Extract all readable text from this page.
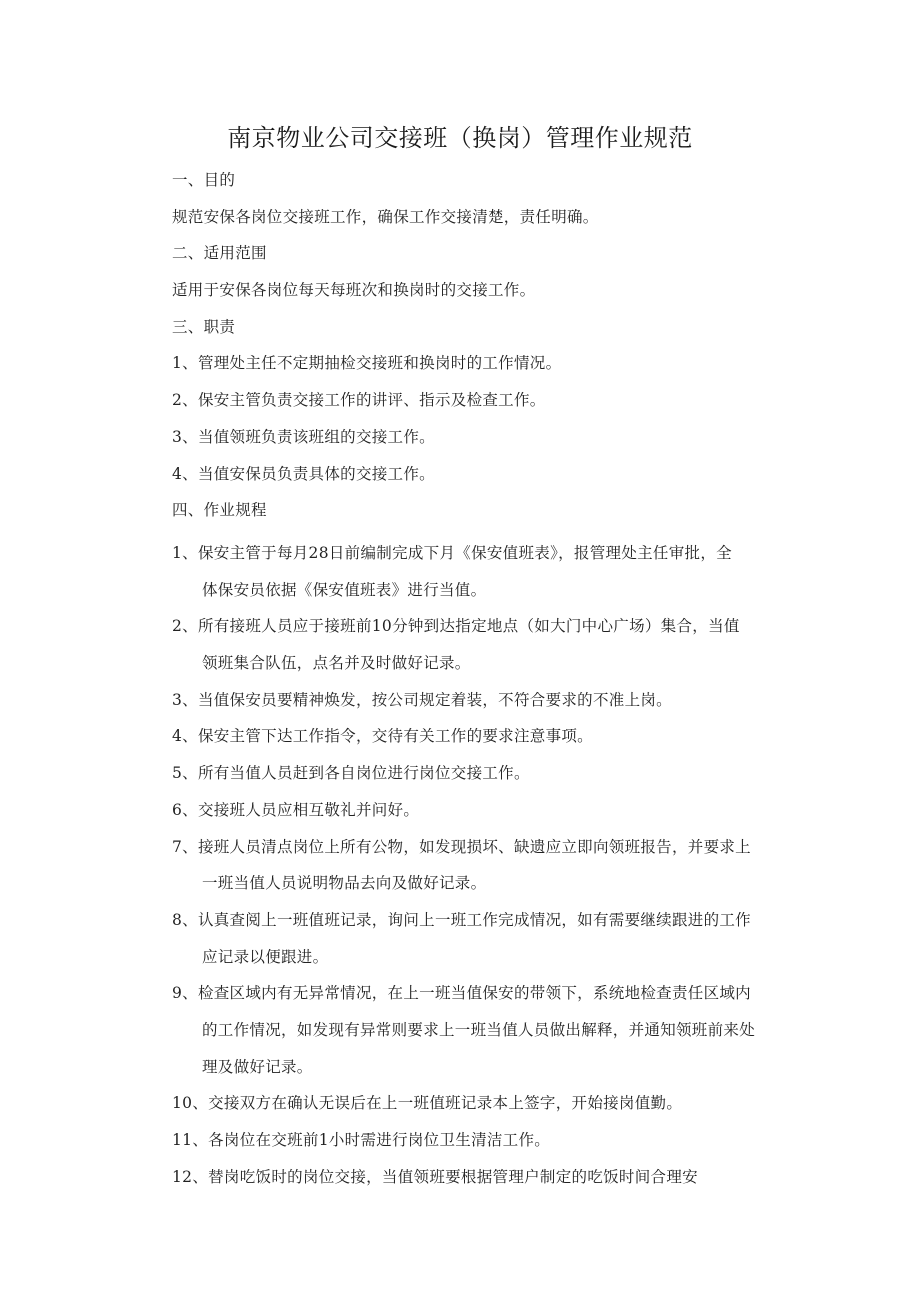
南京物业公司交接班（换岗）管理作业规范
一、目的
规范安保各岗位交接班工作，确保工作交接清楚，责任明确。
二、适用范围
适用于安保各岗位每天每班次和换岗时的交接工作。
三、职责
1、管理处主任不定期抽检交接班和换岗时的工作情况。
2、保安主管负责交接工作的讲评、指示及检查工作。
3、当值领班负责该班组的交接工作。
4、当值安保员负责具体的交接工作。
四、作业规程
1、保安主管于每月28日前编制完成下月《保安值班表》，报管理处主任审批，全
体保安员依据《保安值班表》进行当值。
2、所有接班人员应于接班前10分钟到达指定地点（如大门中心广场）集合，当值
领班集合队伍，点名并及时做好记录。
3、当值保安员要精神焕发，按公司规定着装，不符合要求的不准上岗。
4、保安主管下达工作指令，交待有关工作的要求注意事项。
5、所有当值人员赶到各自岗位进行岗位交接工作。
6、交接班人员应相互敬礼并问好。
7、接班人员清点岗位上所有公物，如发现损坏、缺遗应立即向领班报告，并要求上
一班当值人员说明物品去向及做好记录。
8、认真查阅上一班值班记录，询问上一班工作完成情况，如有需要继续跟进的工作
应记录以便跟进。
9、检查区域内有无异常情况，在上一班当值保安的带领下，系统地检查责任区域内
的工作情况，如发现有异常则要求上一班当值人员做出解释，并通知领班前来处
理及做好记录。
10、交接双方在确认无误后在上一班值班记录本上签字，开始接岗值勤。
11、各岗位在交班前1小时需进行岗位卫生清洁工作。
12、替岗吃饭时的岗位交接，当值领班要根据管理户制定的吃饭时间合理安
